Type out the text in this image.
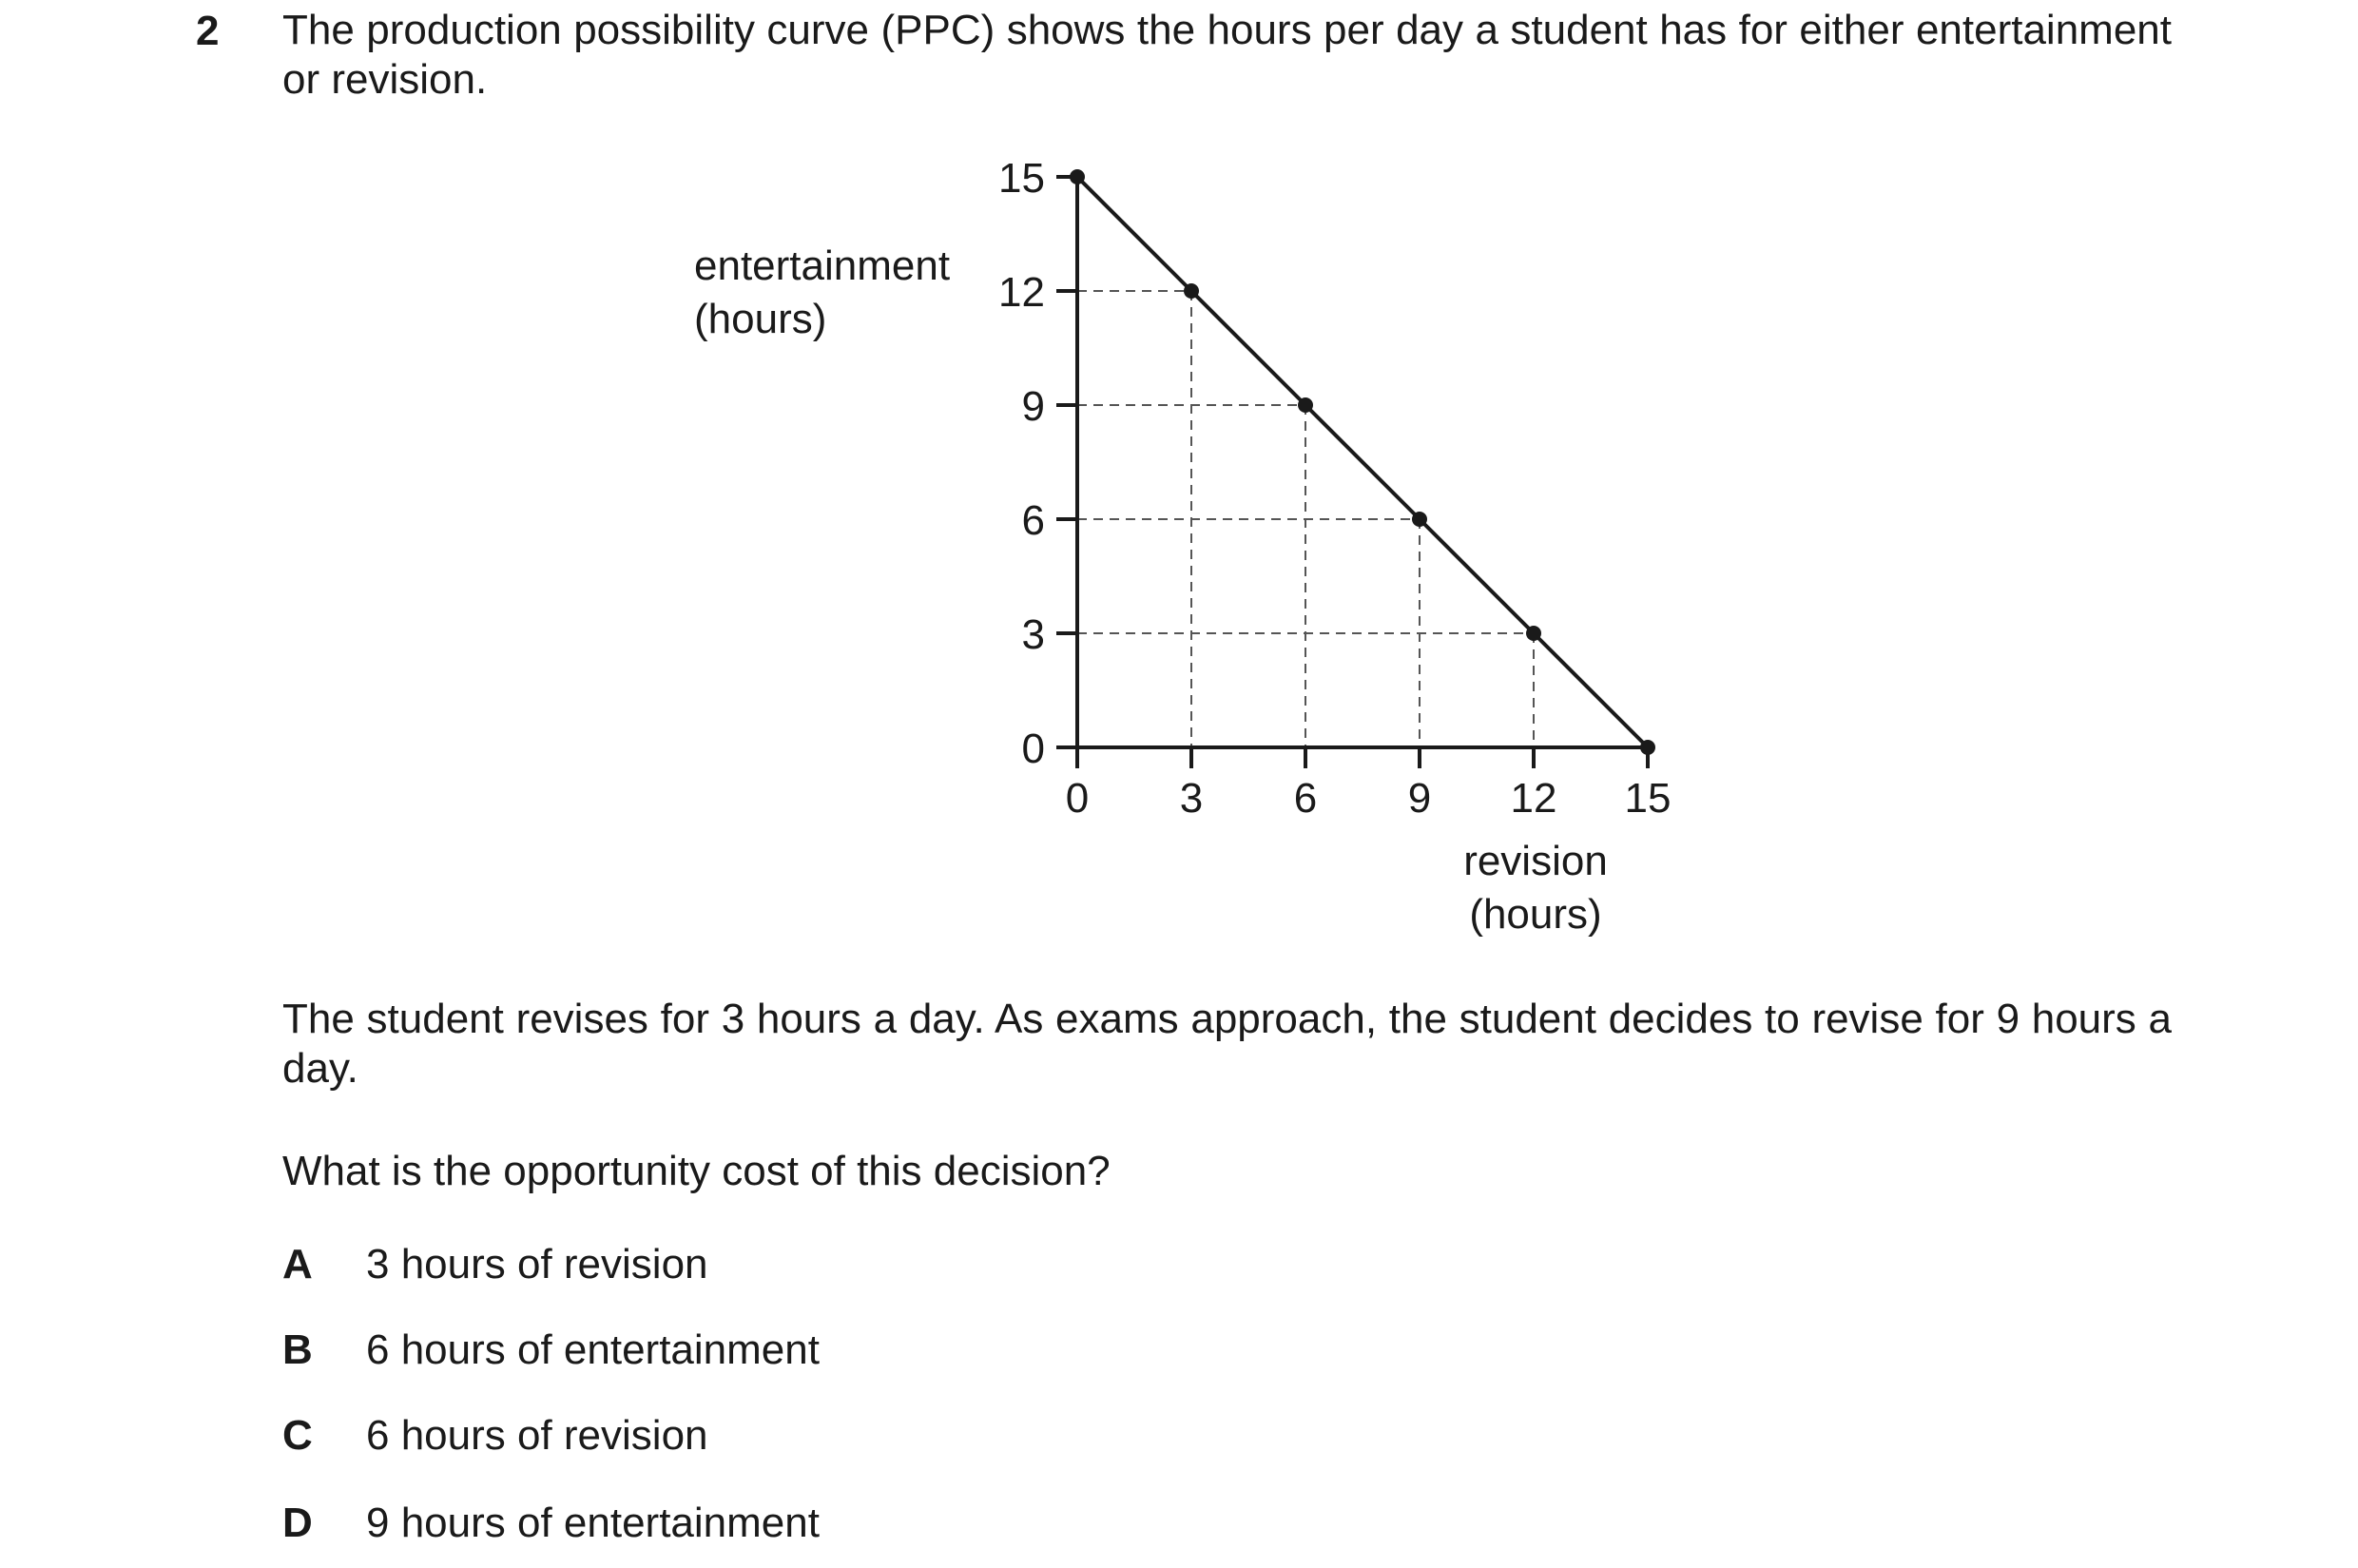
2 The production possibility curve (PPC) shows the hours per day a student has for either entertainment or revision.
0
3
6
9
12
15
0 3 6 9 12 15
entertainment
(hours)
revision
(hours)
The student revises for 3 hours a day. As exams approach, the student decides to revise for 9 hours a day.
What is the opportunity cost of this decision?
A 3 hours of revision
B 6 hours of entertainment
C 6 hours of revision
D 9 hours of entertainment
